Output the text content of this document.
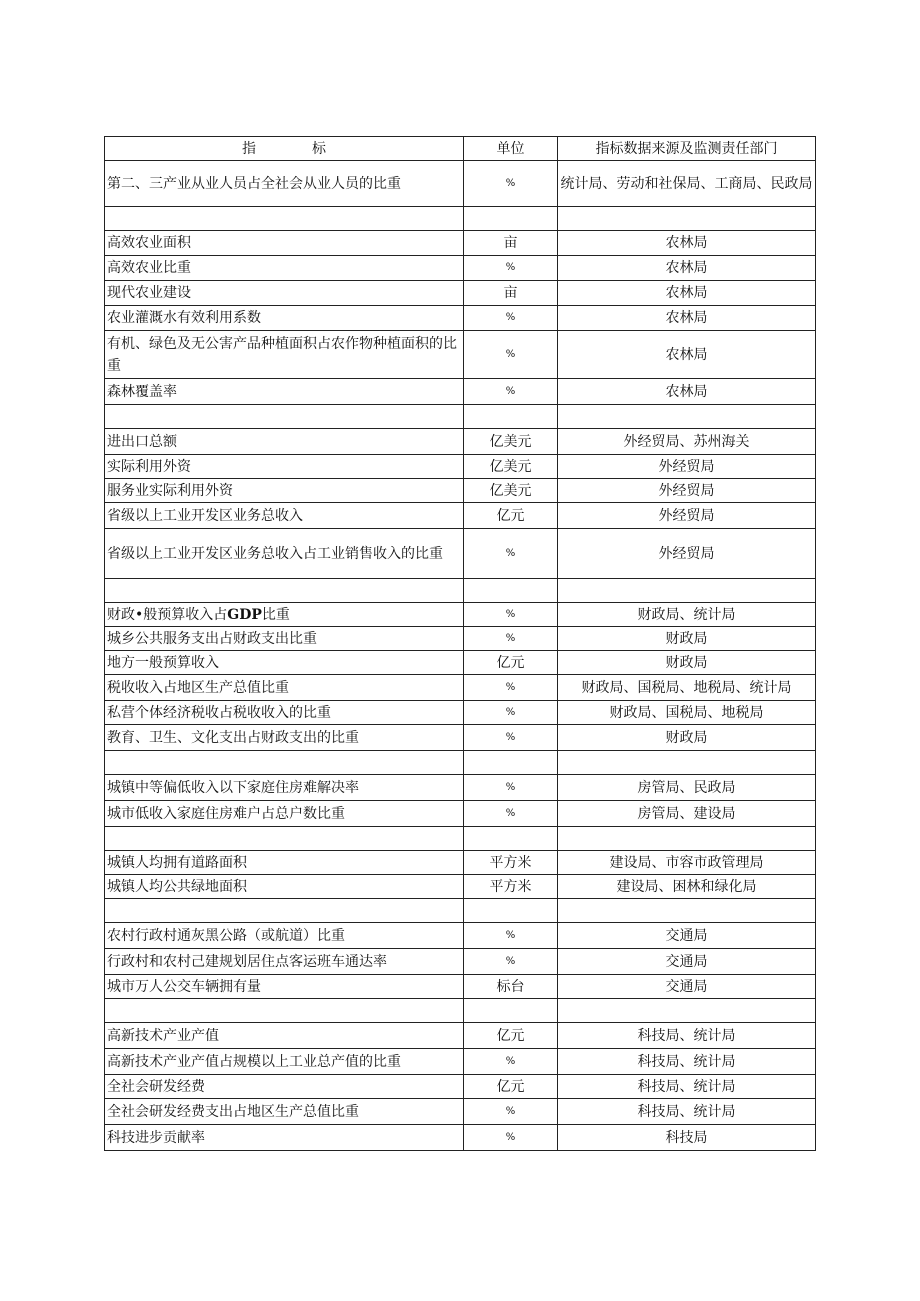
指 标	单位	指标数据来源及监测责任部门
第二、三产业从业人员占全社会从业人员的比重	%	统计局、劳动和社保局、工商局、民政局

高效农业面积	亩	农林局
高效农业比重	%	农林局
现代农业建设	亩	农林局
农业灌溉水有效利用系数	%	农林局
有机、绿色及无公害产品种植面积占农作物种植面积的比重	%	农林局
森林覆盖率	%	农林局

进出口总额	亿美元	外经贸局、苏州海关
实际利用外资	亿美元	外经贸局
服务业实际利用外资	亿美元	外经贸局
省级以上工业开发区业务总收入	亿元	外经贸局
省级以上工业开发区业务总收入占工业销售收入的比重	%	外经贸局

财政•般预算收入占GDP比重	%	财政局、统计局
城乡公共服务支出占财政支出比重	%	财政局
地方一般预算收入	亿元	财政局
税收收入占地区生产总值比重	%	财政局、国税局、地税局、统计局
私营个体经济税收占税收收入的比重	%	财政局、国税局、地税局
教育、卫生、文化支出占财政支出的比重	%	财政局

城镇中等偏低收入以下家庭住房难解决率	%	房管局、民政局
城市低收入家庭住房难户占总户数比重	%	房管局、建设局

城镇人均拥有道路面积	平方米	建设局、市容市政管理局
城镇人均公共绿地面积	平方米	建设局、困林和绿化局

农村行政村通灰黑公路（或航道）比重	%	交通局
行政村和农村己建规划居住点客运班车通达率	%	交通局
城市万人公交车辆拥有量	标台	交通局

高新技术产业产值	亿元	科技局、统计局
高新技术产业产值占规模以上工业总产值的比重	%	科技局、统计局
全社会研发经费	亿元	科技局、统计局
全社会研发经费支出占地区生产总值比重	%	科技局、统计局
科技进步贡献率	%	科技局
